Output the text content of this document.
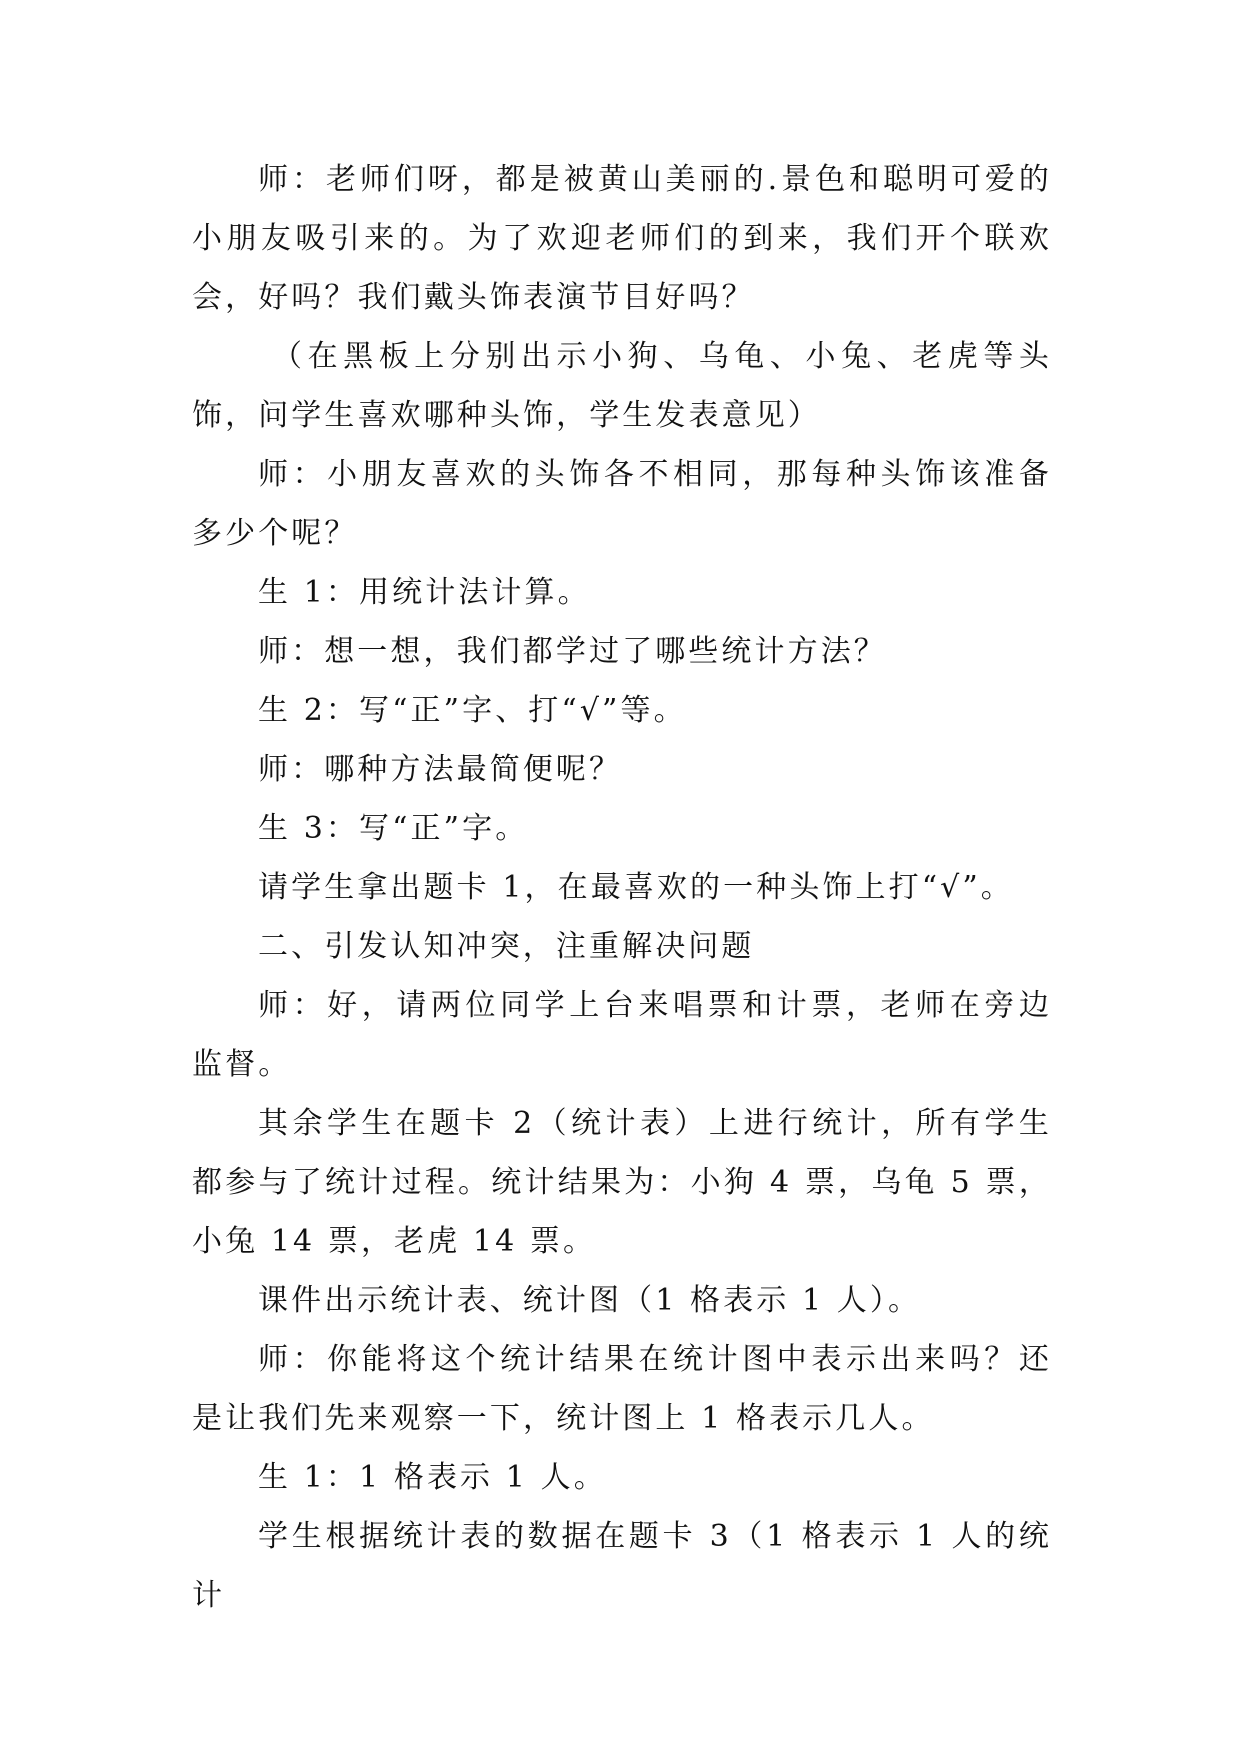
师：老师们呀，都是被黄山美丽的.景色和聪明可爱的小朋友吸引来的。为了欢迎老师们的到来，我们开个联欢会，好吗？我们戴头饰表演节目好吗？

（在黑板上分别出示小狗、乌龟、小兔、老虎等头饰，问学生喜欢哪种头饰，学生发表意见）

师：小朋友喜欢的头饰各不相同，那每种头饰该准备多少个呢？

生 1：用统计法计算。

师：想一想，我们都学过了哪些统计方法？

生 2：写“正”字、打“√”等。

师：哪种方法最简便呢？

生 3：写“正”字。

请学生拿出题卡 1，在最喜欢的一种头饰上打“√”。

二、引发认知冲突，注重解决问题

师：好，请两位同学上台来唱票和计票，老师在旁边监督。

其余学生在题卡 2（统计表）上进行统计，所有学生都参与了统计过程。统计结果为：小狗 4 票，乌龟 5 票，小兔 14 票，老虎 14 票。

课件出示统计表、统计图（1 格表示 1 人）。

师：你能将这个统计结果在统计图中表示出来吗？还是让我们先来观察一下，统计图上 1 格表示几人。

生 1：1 格表示 1 人。

学生根据统计表的数据在题卡 3（1 格表示 1 人的统计
